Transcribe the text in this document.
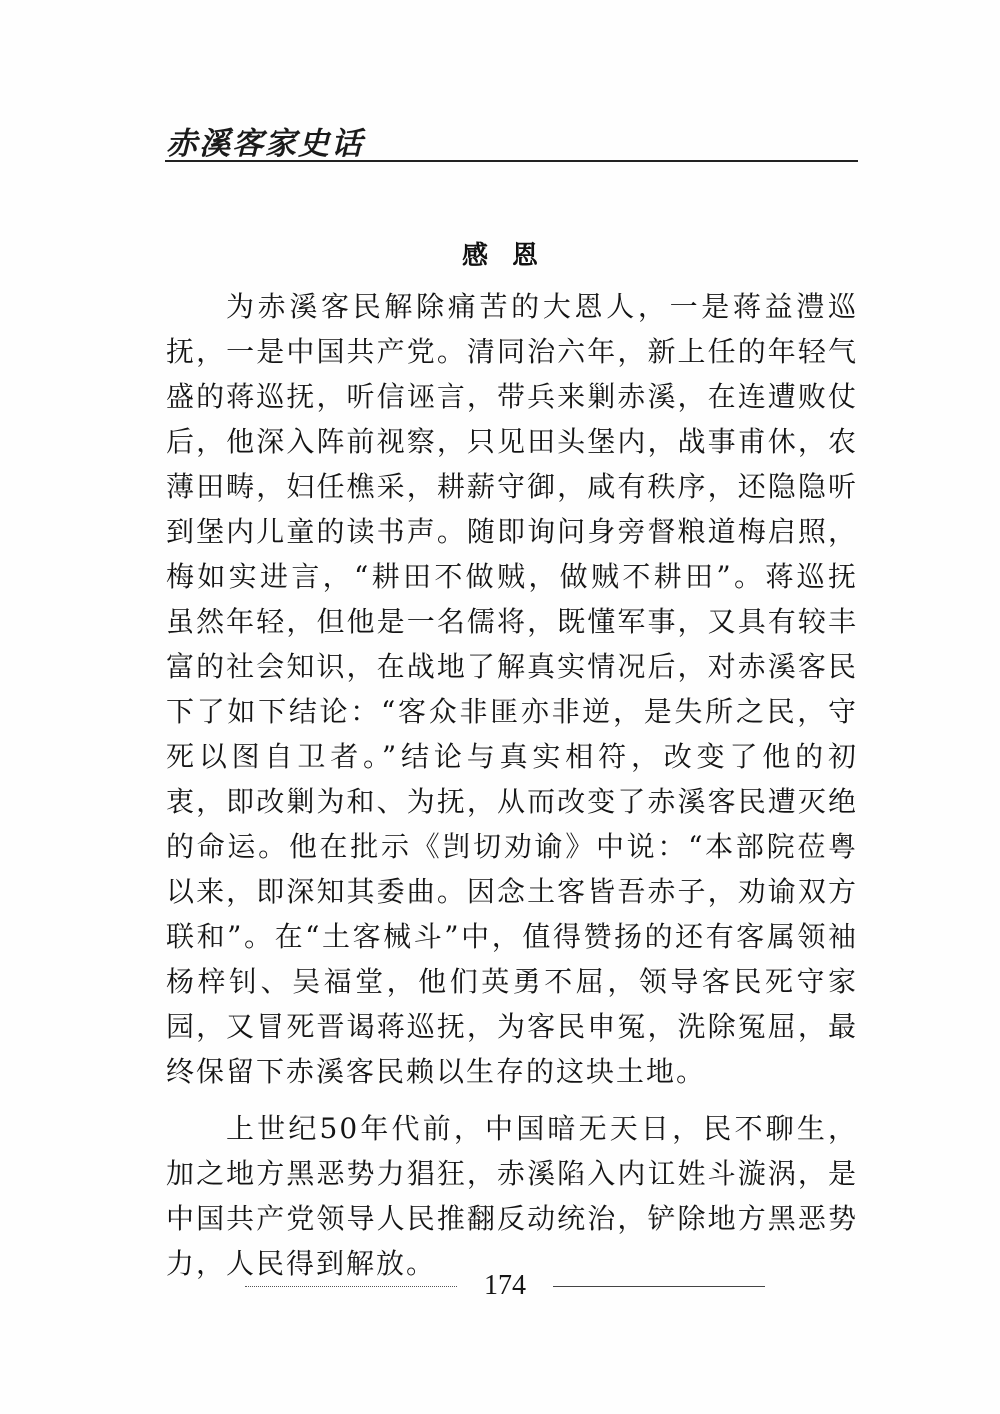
赤溪客家史话
感恩

为赤溪客民解除痛苦的大恩人，一是蒋益澧巡抚，一是中国共产党。清同治六年，新上任的年轻气盛的蒋巡抚，听信诬言，带兵来剿赤溪，在连遭败仗后，他深入阵前视察，只见田头堡内，战事甫休，农薄田畴，妇任樵采，耕薪守御，咸有秩序，还隐隐听到堡内儿童的读书声。随即询问身旁督粮道梅启照，梅如实进言，“耕田不做贼，做贼不耕田”。蒋巡抚虽然年轻，但他是一名儒将，既懂军事，又具有较丰富的社会知识，在战地了解真实情况后，对赤溪客民下了如下结论：“客众非匪亦非逆，是失所之民，守死以图自卫者。”结论与真实相符，改变了他的初衷，即改剿为和、为抚，从而改变了赤溪客民遭灭绝的命运。他在批示《剀切劝谕》中说：“本部院莅粤以来，即深知其委曲。因念土客皆吾赤子，劝谕双方联和”。在“土客械斗”中，值得赞扬的还有客属领袖杨梓钊、吴福堂，他们英勇不屈，领导客民死守家园，又冒死晋谒蒋巡抚，为客民申冤，洗除冤屈，最终保留下赤溪客民赖以生存的这块土地。

上世纪50年代前，中国暗无天日，民不聊生，加之地方黑恶势力猖狂，赤溪陷入内讧姓斗漩涡，是中国共产党领导人民推翻反动统治，铲除地方黑恶势力，人民得到解放。

174
